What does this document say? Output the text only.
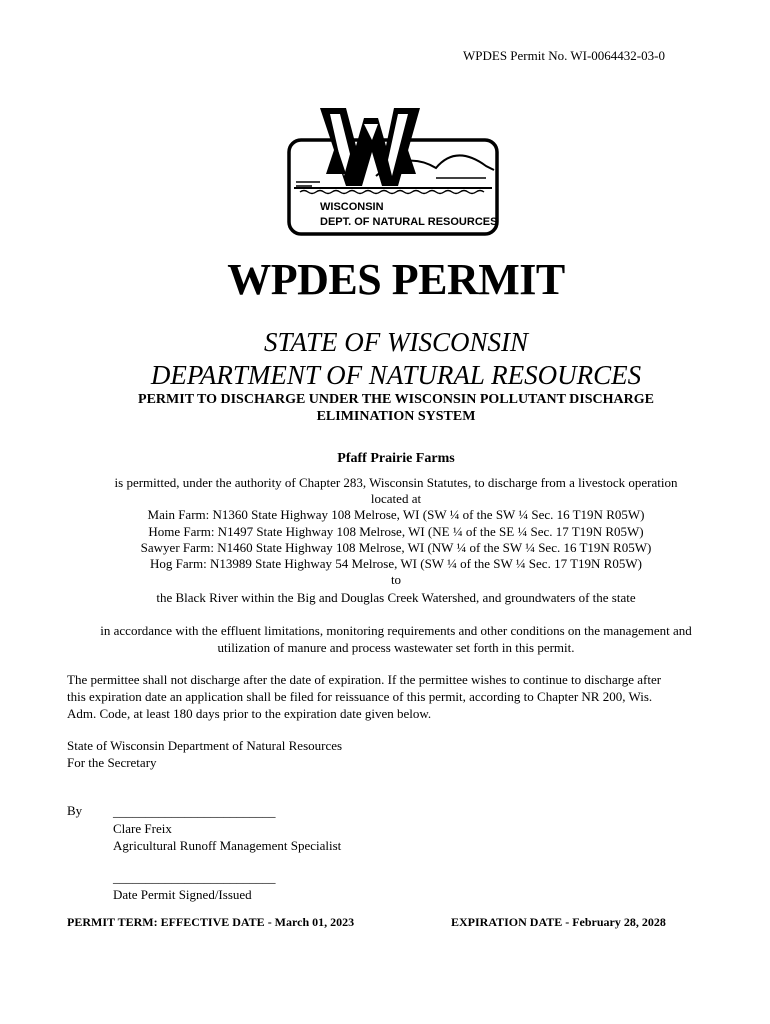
WPDES Permit No. WI-0064432-03-0
WISCONSIN
DEPT. OF NATURAL RESOURCES
WPDES PERMIT
STATE OF WISCONSIN
DEPARTMENT OF NATURAL RESOURCES
PERMIT TO DISCHARGE UNDER THE WISCONSIN POLLUTANT DISCHARGE
ELIMINATION SYSTEM
Pfaff Prairie Farms
is permitted, under the authority of Chapter 283, Wisconsin Statutes, to discharge from a livestock operation
located at
Main Farm: N1360 State Highway 108 Melrose, WI (SW ¼ of the SW ¼ Sec. 16 T19N R05W)
Home Farm: N1497 State Highway 108 Melrose, WI (NE ¼ of the SE ¼ Sec. 17 T19N R05W)
Sawyer Farm: N1460 State Highway 108 Melrose, WI (NW ¼ of the SW ¼ Sec. 16 T19N R05W)
Hog Farm: N13989 State Highway 54 Melrose, WI (SW ¼ of the SW ¼ Sec. 17 T19N R05W)
to
the Black River within the Big and Douglas Creek Watershed, and groundwaters of the state
in accordance with the effluent limitations, monitoring requirements and other conditions on the management and
utilization of manure and process wastewater set forth in this permit.
The permittee shall not discharge after the date of expiration. If the permittee wishes to continue to discharge after
this expiration date an application shall be filed for reissuance of this permit, according to Chapter NR 200, Wis.
Adm. Code, at least 180 days prior to the expiration date given below.
State of Wisconsin Department of Natural Resources
For the Secretary
By _________________________
Clare Freix
Agricultural Runoff Management Specialist
_________________________
Date Permit Signed/Issued
PERMIT TERM: EFFECTIVE DATE - March 01, 2023	EXPIRATION DATE - February 28, 2028
